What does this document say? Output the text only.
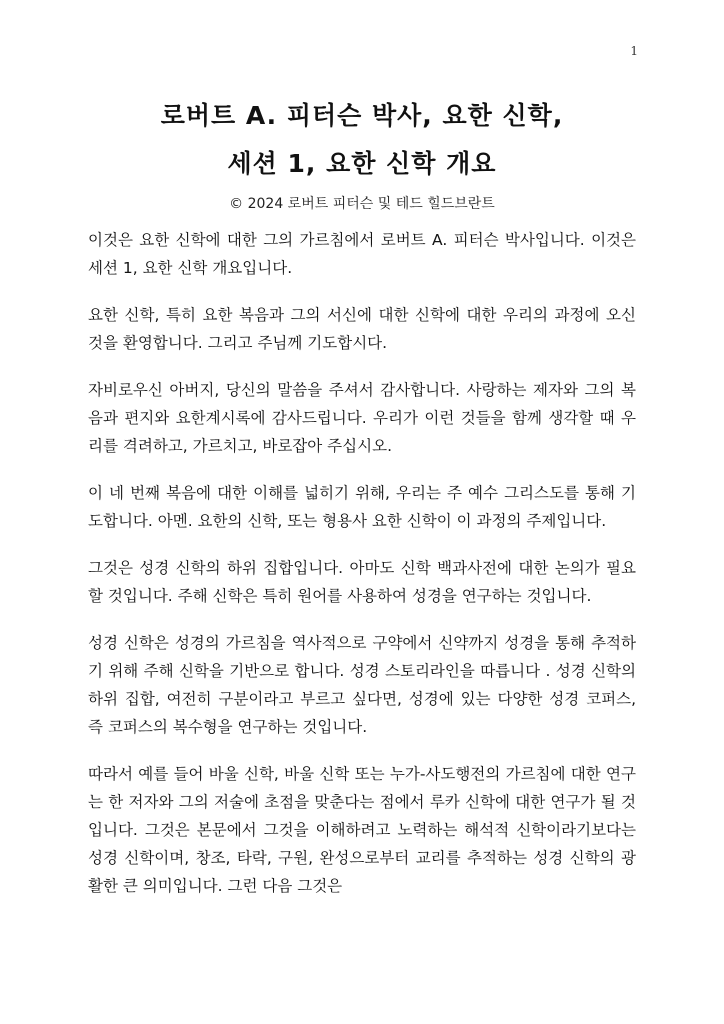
1
로버트 A. 피터슨 박사, 요한 신학,
세션 1, 요한 신학 개요
© 2024 로버트 피터슨 및 테드 힐드브란트

이것은 요한 신학에 대한 그의 가르침에서 로버트 A. 피터슨 박사입니다. 이것은 세션 1, 요한 신학 개요입니다.

요한 신학, 특히 요한 복음과 그의 서신에 대한 신학에 대한 우리의 과정에 오신 것을 환영합니다. 그리고 주님께 기도합시다.

자비로우신 아버지, 당신의 말씀을 주셔서 감사합니다. 사랑하는 제자와 그의 복음과 편지와 요한계시록에 감사드립니다. 우리가 이런 것들을 함께 생각할 때 우리를 격려하고, 가르치고, 바로잡아 주십시오.

이 네 번째 복음에 대한 이해를 넓히기 위해, 우리는 주 예수 그리스도를 통해 기도합니다. 아멘. 요한의 신학, 또는 형용사 요한 신학이 이 과정의 주제입니다.

그것은 성경 신학의 하위 집합입니다. 아마도 신학 백과사전에 대한 논의가 필요할 것입니다. 주해 신학은 특히 원어를 사용하여 성경을 연구하는 것입니다.

성경 신학은 성경의 가르침을 역사적으로 구약에서 신약까지 성경을 통해 추적하기 위해 주해 신학을 기반으로 합니다. 성경 스토리라인을 따릅니다 . 성경 신학의 하위 집합, 여전히 구분이라고 부르고 싶다면, 성경에 있는 다양한 성경 코퍼스, 즉 코퍼스의 복수형을 연구하는 것입니다.

따라서 예를 들어 바울 신학, 바울 신학 또는 누가-사도행전의 가르침에 대한 연구는 한 저자와 그의 저술에 초점을 맞춘다는 점에서 루카 신학에 대한 연구가 될 것입니다. 그것은 본문에서 그것을 이해하려고 노력하는 해석적 신학이라기보다는 성경 신학이며, 창조, 타락, 구원, 완성으로부터 교리를 추적하는 성경 신학의 광활한 큰 의미입니다. 그런 다음 그것은
